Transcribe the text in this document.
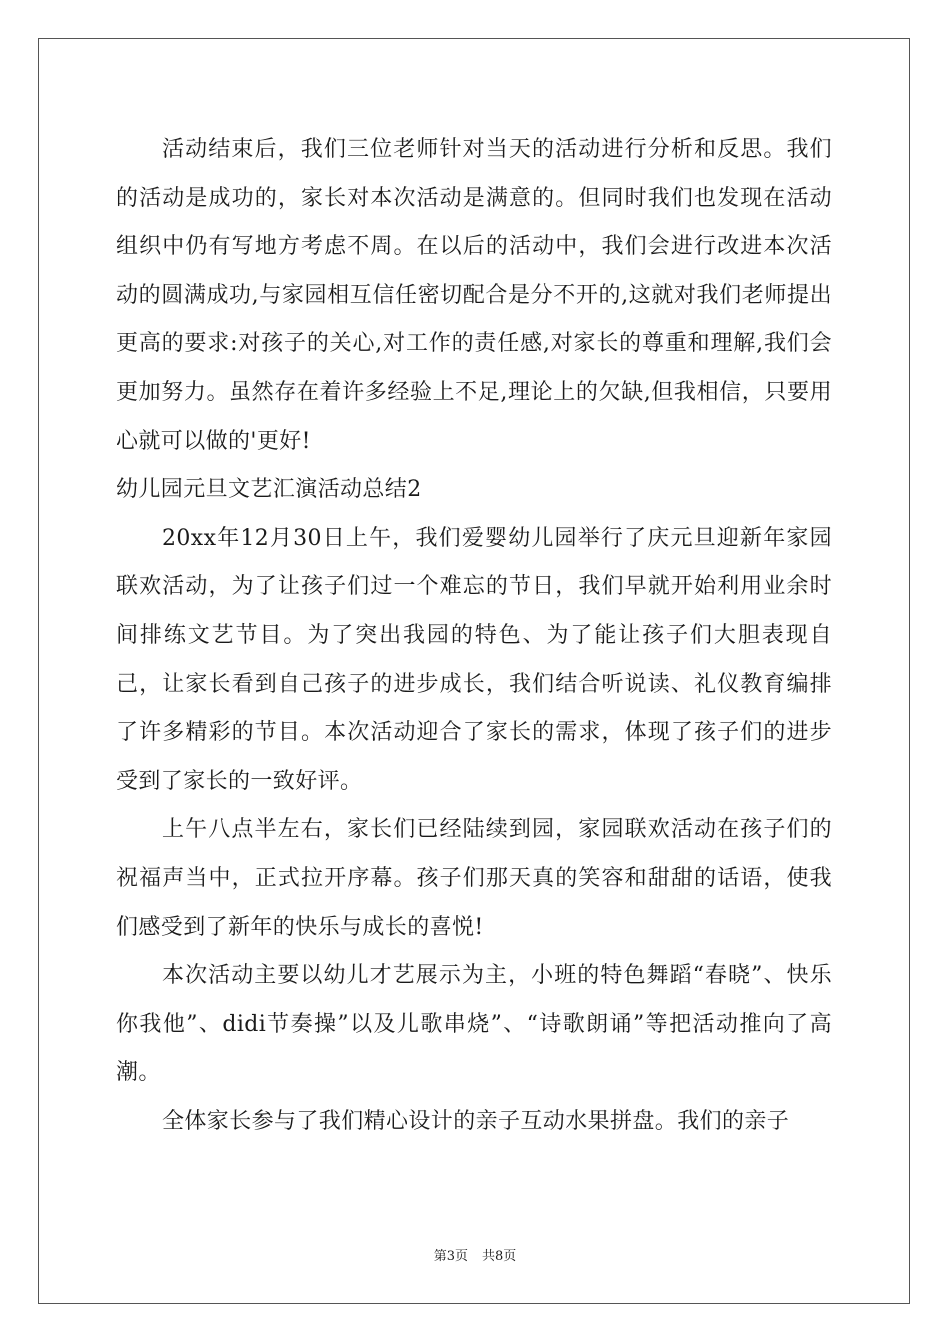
活动结束后，我们三位老师针对当天的活动进行分析和反思。我们的活动是成功的，家长对本次活动是满意的。但同时我们也发现在活动组织中仍有写地方考虑不周。在以后的活动中，我们会进行改进本次活动的圆满成功,与家园相互信任密切配合是分不开的,这就对我们老师提出更高的要求:对孩子的关心,对工作的责任感,对家长的尊重和理解,我们会更加努力。虽然存在着许多经验上不足,理论上的欠缺,但我相信，只要用心就可以做的'更好!

幼儿园元旦文艺汇演活动总结2

20xx年12月30日上午，我们爱婴幼儿园举行了庆元旦迎新年家园联欢活动，为了让孩子们过一个难忘的节日，我们早就开始利用业余时间排练文艺节目。为了突出我园的特色、为了能让孩子们大胆表现自己，让家长看到自己孩子的进步成长，我们结合听说读、礼仪教育编排了许多精彩的节目。本次活动迎合了家长的需求，体现了孩子们的进步受到了家长的一致好评。

上午八点半左右，家长们已经陆续到园，家园联欢活动在孩子们的祝福声当中，正式拉开序幕。孩子们那天真的笑容和甜甜的话语，使我们感受到了新年的快乐与成长的喜悦!

本次活动主要以幼儿才艺展示为主，小班的特色舞蹈“春晓”、快乐你我他”、didi节奏操”以及儿歌串烧”、“诗歌朗诵”等把活动推向了高潮。

全体家长参与了我们精心设计的亲子互动水果拼盘。我们的亲子

第3页 共8页
